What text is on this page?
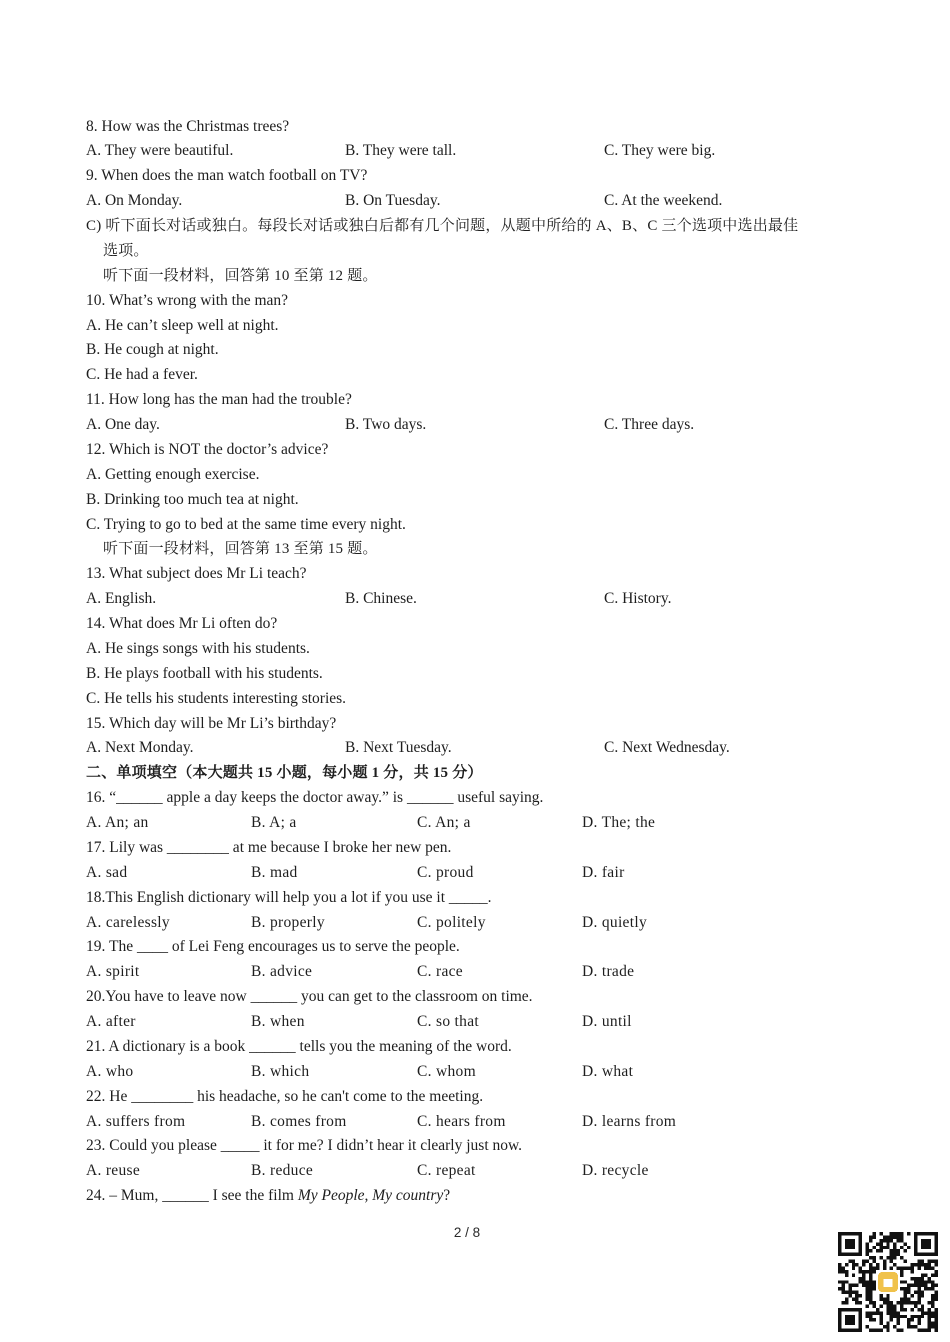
8. How was the Christmas trees?
A. They were beautiful.	B. They were tall.	C. They were big.
9. When does the man watch football on TV?
A. On Monday.	B. On Tuesday.	C. At the weekend.
C) 听下面长对话或独白。每段长对话或独白后都有几个问题，从题中所给的 A、B、C 三个选项中选出最佳
选项。
听下面一段材料，回答第 10 至第 12 题。
10. What’s wrong with the man?
A. He can’t sleep well at night.
B. He cough at night.
C. He had a fever.
11. How long has the man had the trouble?
A. One day.	B. Two days.	C. Three days.
12. Which is NOT the doctor’s advice?
A. Getting enough exercise.
B. Drinking too much tea at night.
C. Trying to go to bed at the same time every night.
听下面一段材料，回答第 13 至第 15 题。
13. What subject does Mr Li teach?
A. English.	B. Chinese.	C. History.
14. What does Mr Li often do?
A. He sings songs with his students.
B. He plays football with his students.
C. He tells his students interesting stories.
15. Which day will be Mr Li’s birthday?
A. Next Monday.	B. Next Tuesday.	C. Next Wednesday.
二、单项填空（本大题共 15 小题，每小题 1 分，共 15 分）
16. “______ apple a day keeps the doctor away.” is ______ useful saying.
A. An; an	B. A; a	C. An; a	D. The; the
17. Lily was ________ at me because I broke her new pen.
A. sad	B. mad	C. proud	D. fair
18.This English dictionary will help you a lot if you use it _____.
A. carelessly	B. properly	C. politely	D. quietly
19. The ____ of Lei Feng encourages us to serve the people.
A. spirit	B. advice	C. race	D. trade
20.You have to leave now ______ you can get to the classroom on time.
A. after	B. when	C. so that	D. until
21. A dictionary is a book ______ tells you the meaning of the word.
A. who	B. which	C. whom	D. what
22. He ________ his headache, so he can't come to the meeting.
A. suffers from	B. comes from	C. hears from	D. learns from
23. Could you please _____ it for me? I didn’t hear it clearly just now.
A. reuse	B. reduce	C. repeat	D. recycle
24. – Mum, ______ I see the film My People, My country?
2 / 8
